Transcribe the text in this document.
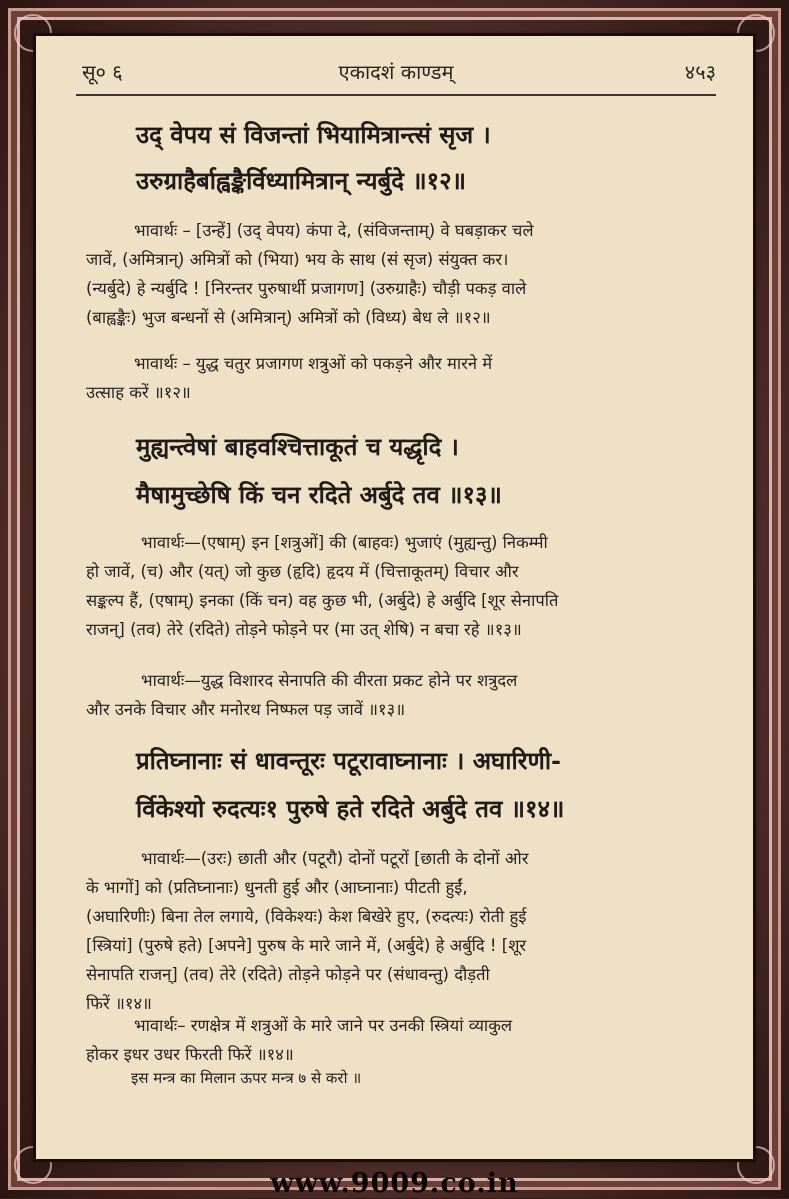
सू० ६	एकादशं काण्डम्	४५३
उद् वेपय सं विजन्तां भियामित्रान्त्सं सृज ।
उरुग्राहैर्बाह्वङ्कैर्विध्यामित्रान् न्यर्बुदे ॥१२॥
भावार्थः – [उन्हें] (उद् वेपय) कंपा दे, (संविजन्ताम्) वे घबड़ाकर चले
जावें, (अमित्रान्) अमित्रों को (भिया) भय के साथ (सं सृज) संयुक्त कर।
(न्यर्बुदे) हे न्यर्बुदि ! [निरन्तर पुरुषार्थी प्रजागण] (उरुग्राहैः) चौड़ी पकड़ वाले
(बाह्वङ्कैः) भुज बन्धनों से (अमित्रान्) अमित्रों को (विध्य) बेध ले ॥१२॥
भावार्थः – युद्ध चतुर प्रजागण शत्रुओं को पकड़ने और मारने में
उत्साह करें ॥१२॥
मुह्यन्त्वेषां बाहवश्चित्ताकूतं च यद्धृदि ।
मैषामुच्छेषि किं चन रदिते अर्बुदे तव ॥१३॥
भावार्थः—(एषाम्) इन [शत्रुओं] की (बाहवः) भुजाएं (मुह्यन्तु) निकम्मी
हो जावें, (च) और (यत्) जो कुछ (हृदि) हृदय में (चित्ताकूतम्) विचार और
सङ्कल्प हैं, (एषाम्) इनका (किं चन) वह कुछ भी, (अर्बुदे) हे अर्बुदि [शूर सेनापति
राजन्] (तव) तेरे (रदिते) तोड़ने फोड़ने पर (मा उत् शेषि) न बचा रहे ॥१३॥
भावार्थः—युद्ध विशारद सेनापति की वीरता प्रकट होने पर शत्रुदल
और उनके विचार और मनोरथ निष्फल पड़ जावें ॥१३॥
प्रतिघ्नानाः सं धावन्तूरः पटूरावाघ्नानाः । अघारिणी-
र्विकेश्यो रुदत्यः१ पुरुषे हते रदिते अर्बुदे तव ॥१४॥
भावार्थः—(उरः) छाती और (पटूरौ) दोनों पटूरों [छाती के दोनों ओर
के भागों] को (प्रतिघ्नानाः) धुनती हुई और (आघ्नानाः) पीटती हुईं,
(अघारिणीः) बिना तेल लगाये, (विकेश्यः) केश बिखेरे हुए, (रुदत्यः) रोती हुई
[स्त्रियां] (पुरुषे हते) [अपने] पुरुष के मारे जाने में, (अर्बुदे) हे अर्बुदि ! [शूर
सेनापति राजन्] (तव) तेरे (रदिते) तोड़ने फोड़ने पर (संधावन्तु) दौड़ती
फिरें ॥१४॥
भावार्थः– रणक्षेत्र में शत्रुओं के मारे जाने पर उनकी स्त्रियां व्याकुल
होकर इधर उधर फिरती फिरें ॥१४॥
इस मन्त्र का मिलान ऊपर मन्त्र ७ से करो ॥
www.9009.co.in
